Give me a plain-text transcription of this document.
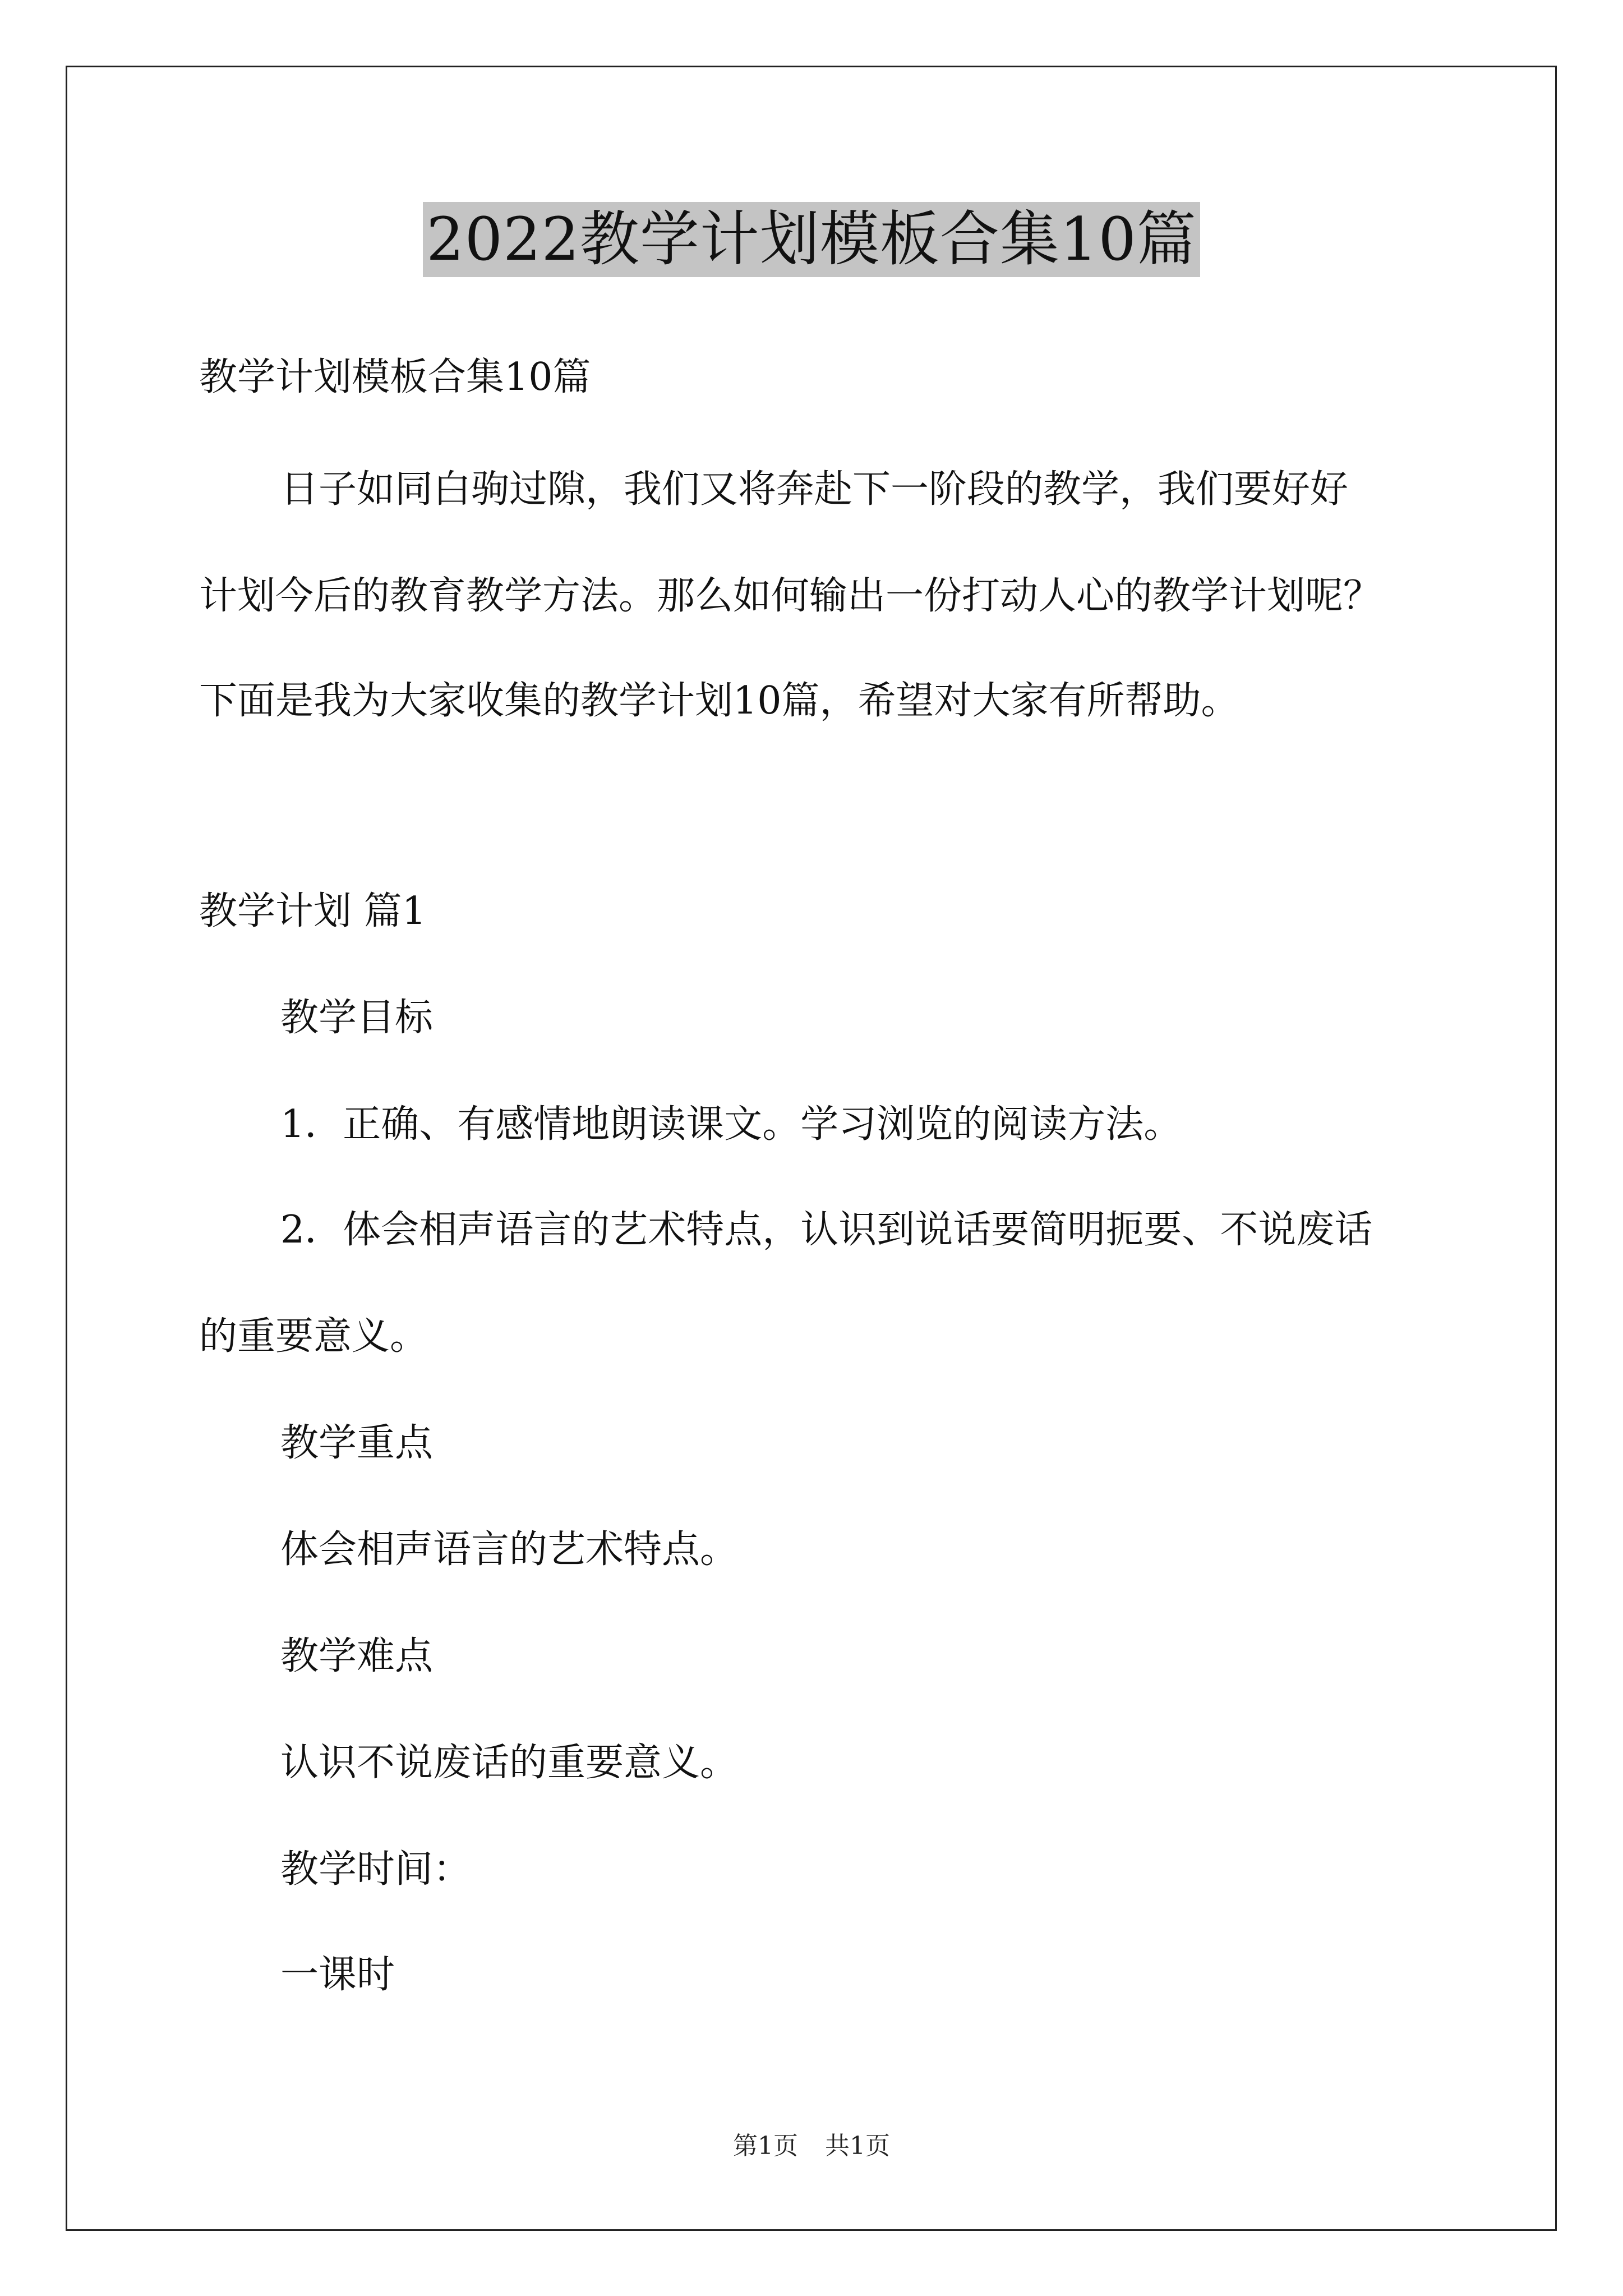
2022教学计划模板合集10篇
教学计划模板合集10篇
日子如同白驹过隙，我们又将奔赴下一阶段的教学，我们要好好
计划今后的教育教学方法。那么如何输出一份打动人心的教学计划呢？
下面是我为大家收集的教学计划10篇，希望对大家有所帮助。
教学计划 篇1
教学目标
1．正确、有感情地朗读课文。学习浏览的阅读方法。
2．体会相声语言的艺术特点，认识到说话要简明扼要、不说废话
的重要意义。
教学重点
体会相声语言的艺术特点。
教学难点
认识不说废话的重要意义。
教学时间：
一课时
第1页 共1页
